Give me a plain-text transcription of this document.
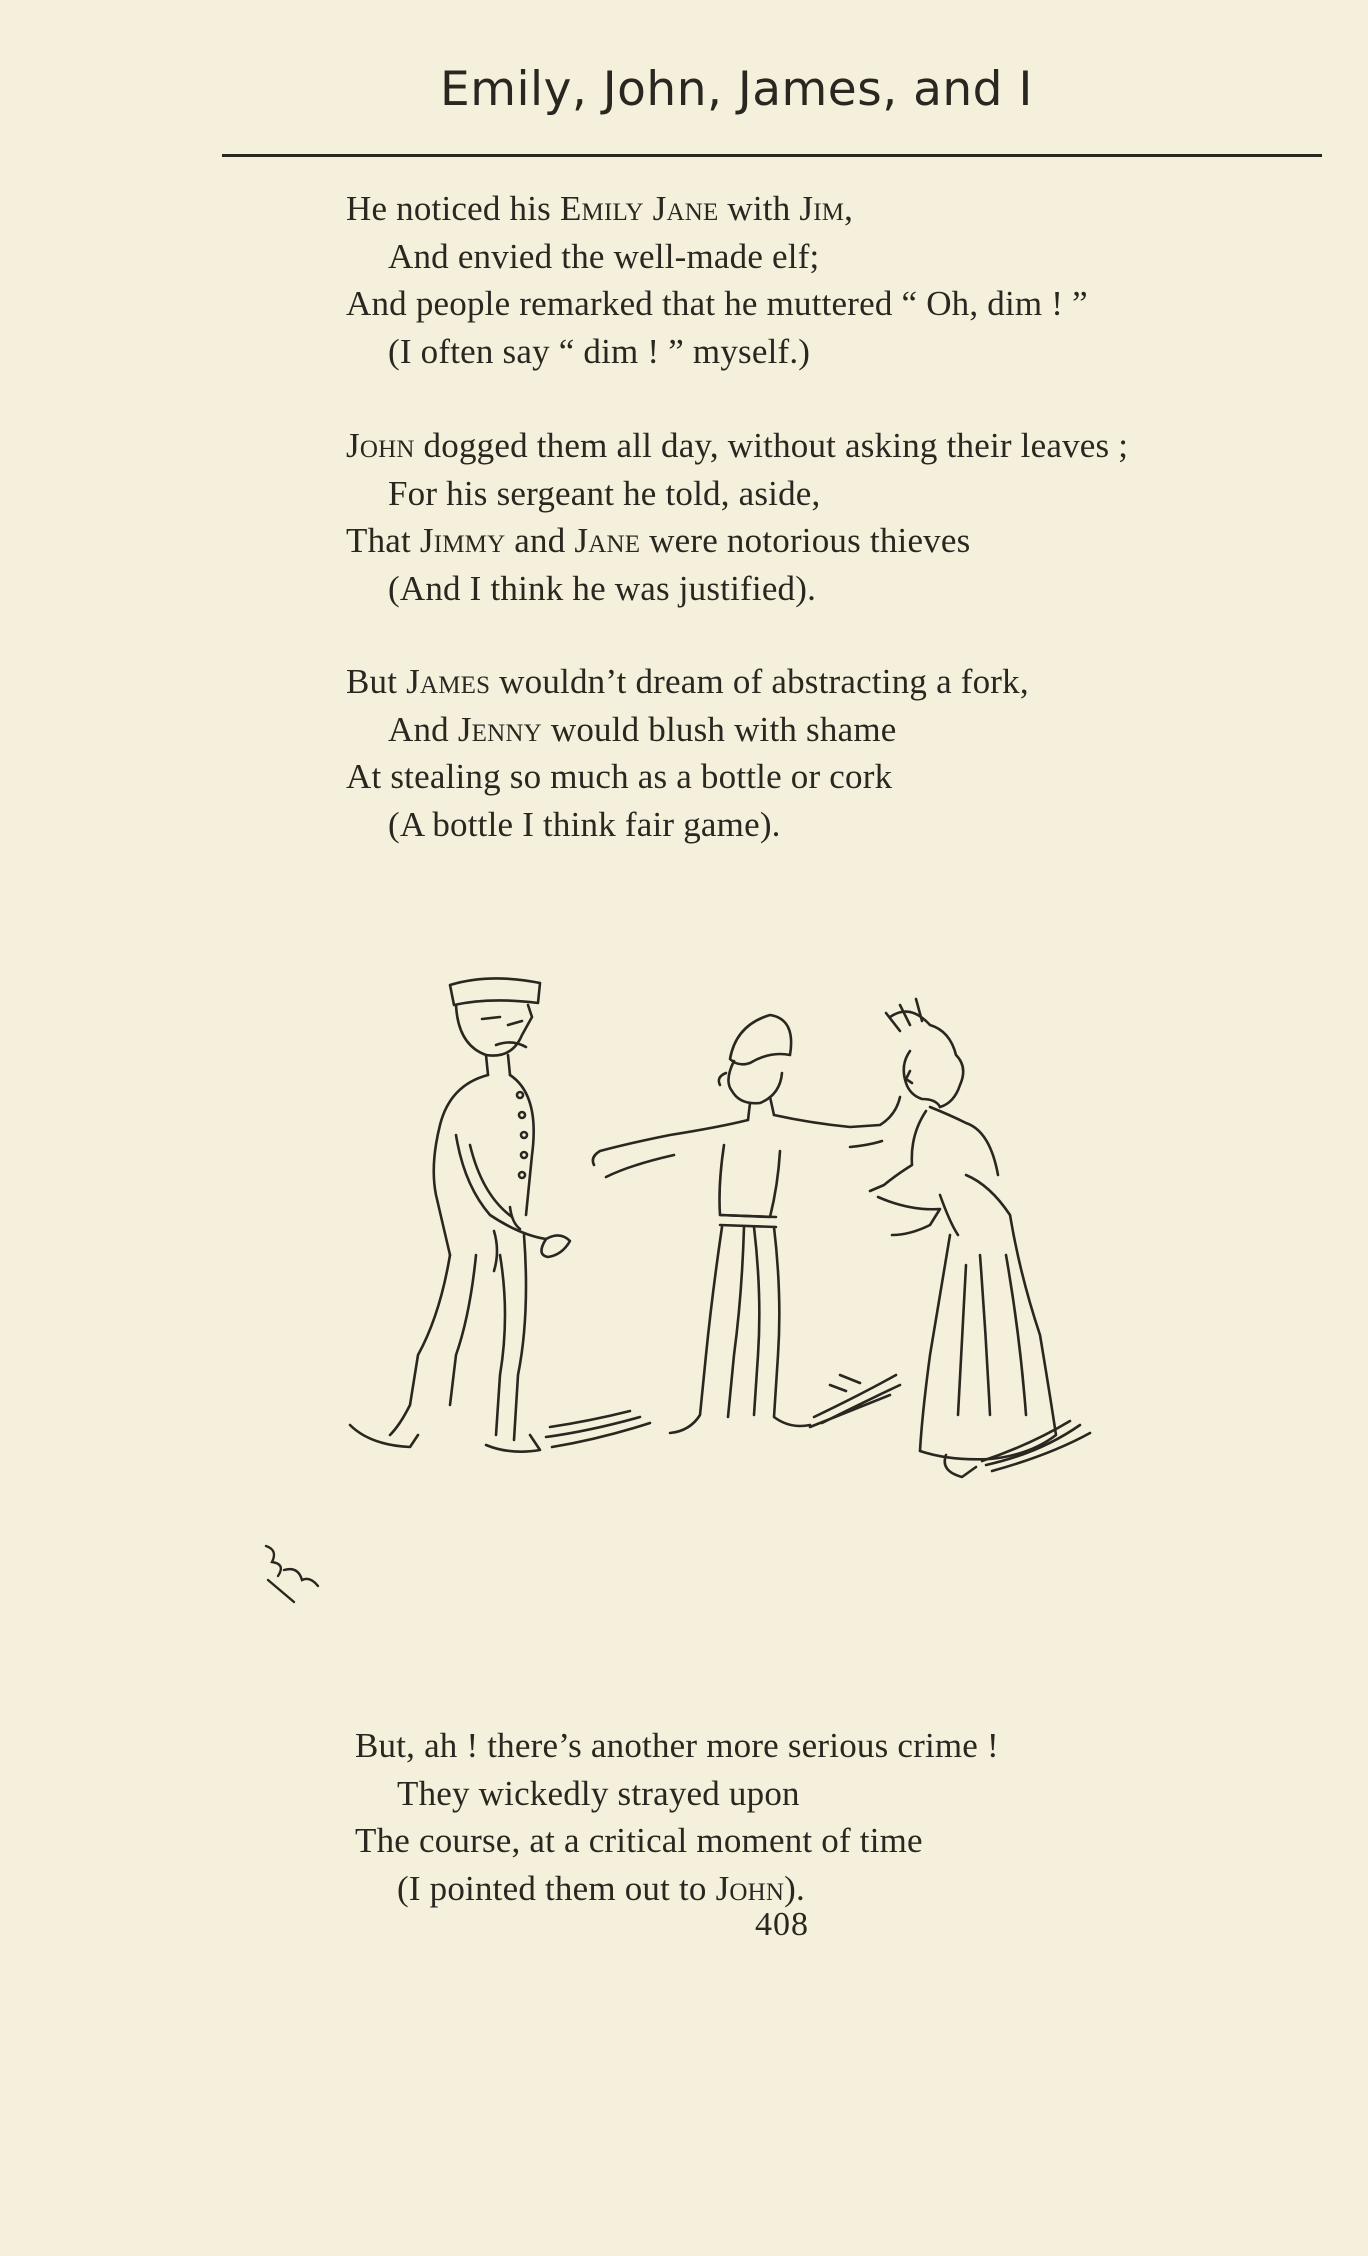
Emily, John, James, and I
He noticed his Emily Jane with Jim,
And envied the well-made elf;
And people remarked that he muttered “ Oh, dim ! ”
(I often say “ dim ! ” myself.)
John dogged them all day, without asking their leaves ;
For his sergeant he told, aside,
That Jimmy and Jane were notorious thieves
(And I think he was justified).
But James wouldn’t dream of abstracting a fork,
And Jenny would blush with shame
At stealing so much as a bottle or cork
(A bottle I think fair game).
But, ah ! there’s another more serious crime !
They wickedly strayed upon
The course, at a critical moment of time
(I pointed them out to John).
408
